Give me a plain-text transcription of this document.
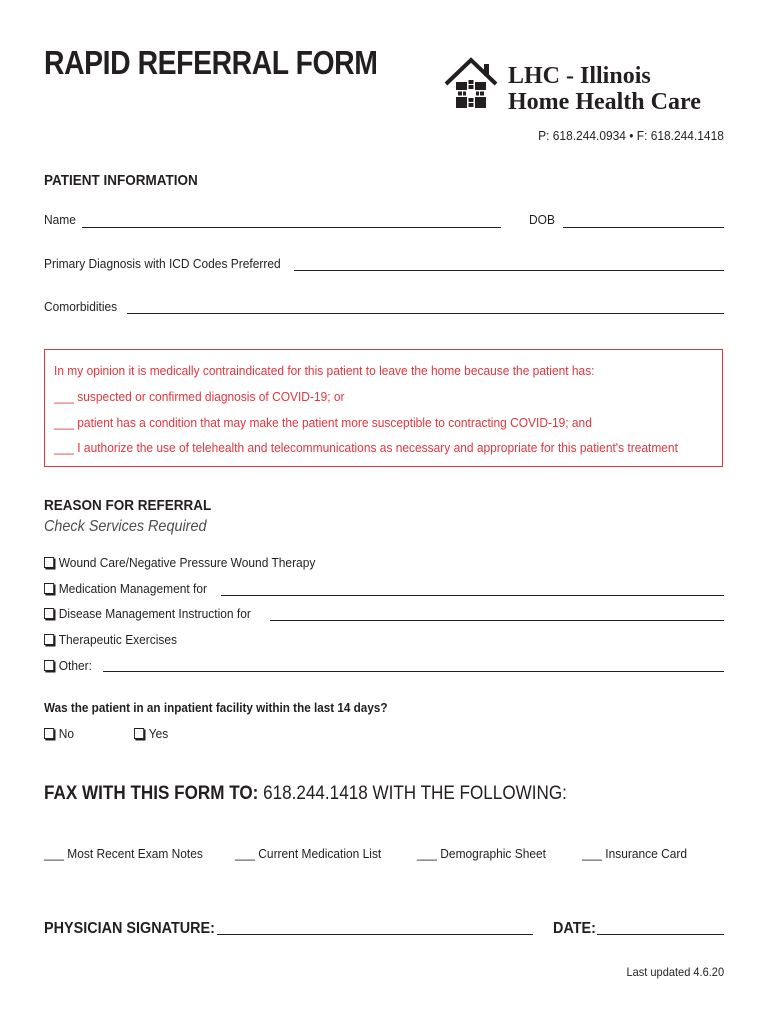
RAPID REFERRAL FORM	LHC - Illinois
Home Health Care
P: 618.244.0934 • F: 618.244.1418
PATIENT INFORMATION
Name	DOB
Primary Diagnosis with ICD Codes Preferred
Comorbidities
In my opinion it is medically contraindicated for this patient to leave the home because the patient has:
___ suspected or confirmed diagnosis of COVID-19; or
___ patient has a condition that may make the patient more susceptible to contracting COVID-19; and
___ I authorize the use of telehealth and telecommunications as necessary and appropriate for this patient's treatment
REASON FOR REFERRAL
Check Services Required
Wound Care/Negative Pressure Wound Therapy
Medication Management for
Disease Management Instruction for
Therapeutic Exercises
Other:
Was the patient in an inpatient facility within the last 14 days?
No	Yes
FAX WITH THIS FORM TO: 618.244.1418 WITH THE FOLLOWING:
___ Most Recent Exam Notes ___ Current Medication List	___ Demographic Sheet	___ Insurance Card
PHYSICIAN SIGNATURE:	DATE:
Last updated 4.6.20
